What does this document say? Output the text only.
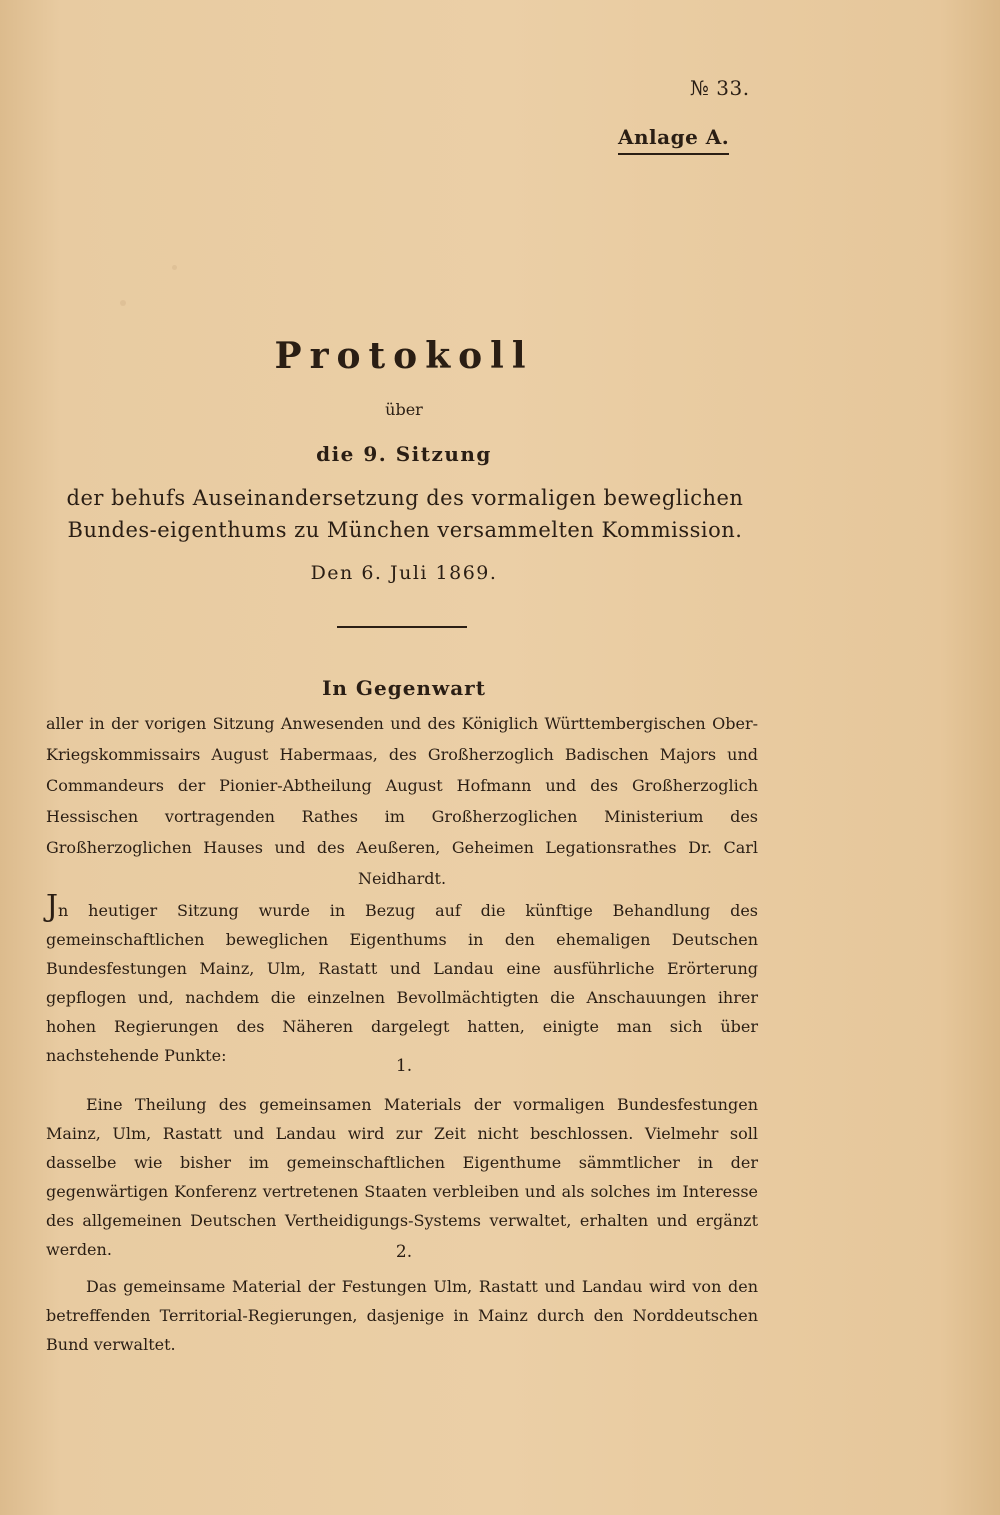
№ 33.
Anlage A.
Protokoll
über
die 9. Sitzung
der behufs Auseinandersetzung des vormaligen beweglichen Bundes-eigenthums zu München versammelten Kommission.
Den 6. Juli 1869.
In Gegenwart
aller in der vorigen Sitzung Anwesenden und des Königlich Württembergischen Ober-Kriegskommissairs August Habermaas, des Großherzoglich Badischen Majors und Commandeurs der Pionier-Abtheilung August Hofmann und des Großherzoglich Hessischen vortragenden Rathes im Großherzoglichen Ministerium des Großherzoglichen Hauses und des Aeußeren, Geheimen Legationsrathes Dr. Carl Neidhardt.
Jn heutiger Sitzung wurde in Bezug auf die künftige Behandlung des gemeinschaftlichen beweglichen Eigenthums in den ehemaligen Deutschen Bundesfestungen Mainz, Ulm, Rastatt und Landau eine ausführliche Erörterung gepflogen und, nachdem die einzelnen Bevollmächtigten die Anschauungen ihrer hohen Regierungen des Näheren dargelegt hatten, einigte man sich über nachstehende Punkte:
1.
Eine Theilung des gemeinsamen Materials der vormaligen Bundesfestungen Mainz, Ulm, Rastatt und Landau wird zur Zeit nicht beschlossen. Vielmehr soll dasselbe wie bisher im gemeinschaftlichen Eigenthume sämmtlicher in der gegenwärtigen Konferenz vertretenen Staaten verbleiben und als solches im Interesse des allgemeinen Deutschen Vertheidigungs-Systems verwaltet, erhalten und ergänzt werden.	2.
Das gemeinsame Material der Festungen Ulm, Rastatt und Landau wird von den betreffenden Territorial-Regierungen, dasjenige in Mainz durch den Norddeutschen Bund verwaltet.
